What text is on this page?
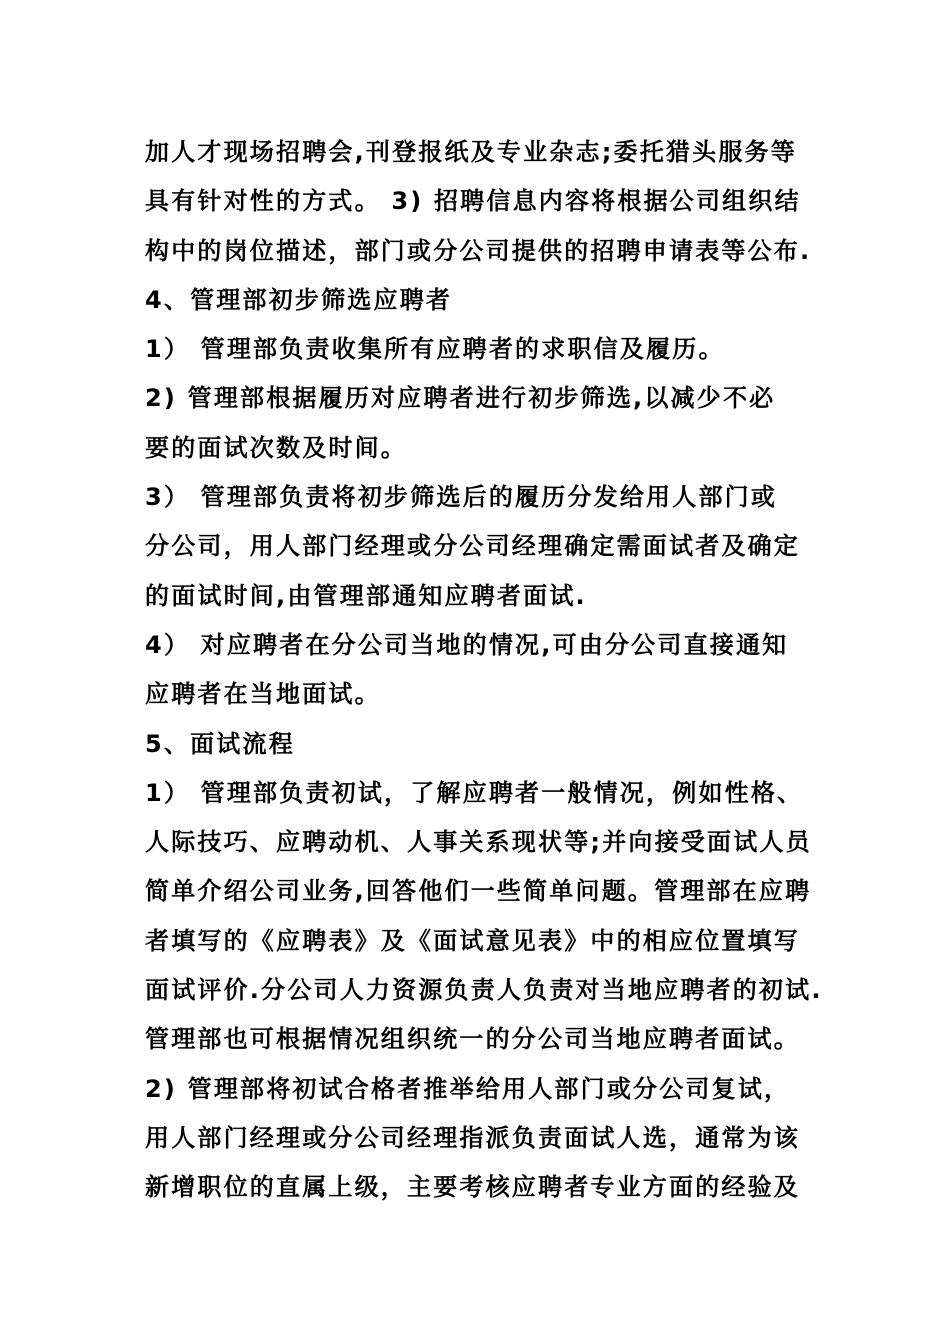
加人才现场招聘会,刊登报纸及专业杂志;委托猎头服务等
具有针对性的方式。 3) 招聘信息内容将根据公司组织结
构中的岗位描述，部门或分公司提供的招聘申请表等公布.
4、管理部初步筛选应聘者
1） 管理部负责收集所有应聘者的求职信及履历。
2) 管理部根据履历对应聘者进行初步筛选,以减少不必
要的面试次数及时间。
3） 管理部负责将初步筛选后的履历分发给用人部门或
分公司，用人部门经理或分公司经理确定需面试者及确定
的面试时间,由管理部通知应聘者面试.
4） 对应聘者在分公司当地的情况,可由分公司直接通知
应聘者在当地面试。
5、面试流程
1） 管理部负责初试，了解应聘者一般情况，例如性格、
人际技巧、应聘动机、人事关系现状等;并向接受面试人员
简单介绍公司业务,回答他们一些简单问题。管理部在应聘
者填写的《应聘表》及《面试意见表》中的相应位置填写
面试评价.分公司人力资源负责人负责对当地应聘者的初试.
管理部也可根据情况组织统一的分公司当地应聘者面试。
2) 管理部将初试合格者推举给用人部门或分公司复试，
用人部门经理或分公司经理指派负责面试人选，通常为该
新增职位的直属上级，主要考核应聘者专业方面的经验及
